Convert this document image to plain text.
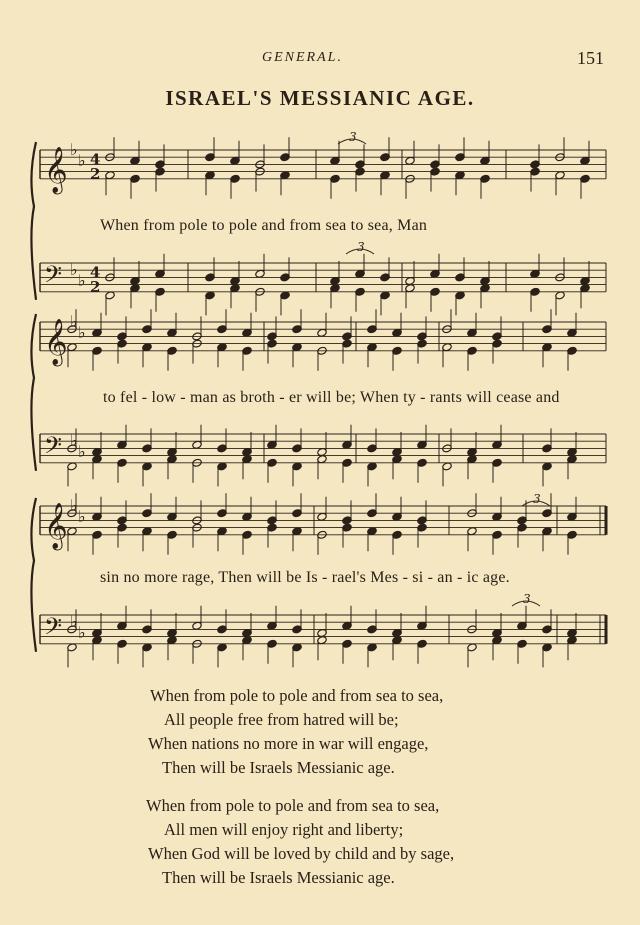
GENERAL.	151
ISRAEL'S MESSIANIC AGE.
𝄞 ♭
♭ 4
2
𝄢 ♭
♭ 4
2
𝄞 ♭
♭
𝄢 ♭
♭
𝄞 ♭
♭
𝄢 ♭
♭
3
3
3
3
When from pole to pole and from sea to sea, Man
to fel - low - man as broth - er will be; When ty - rants will cease and
sin no more rage, Then will be Is - rael's Mes - si - an - ic age.
When from pole to pole and from sea to sea,
All people free from hatred will be;
When nations no more in war will engage,
Then will be Israels Messianic age.
When from pole to pole and from sea to sea,
All men will enjoy right and liberty;
When God will be loved by child and by sage,
Then will be Israels Messianic age.
